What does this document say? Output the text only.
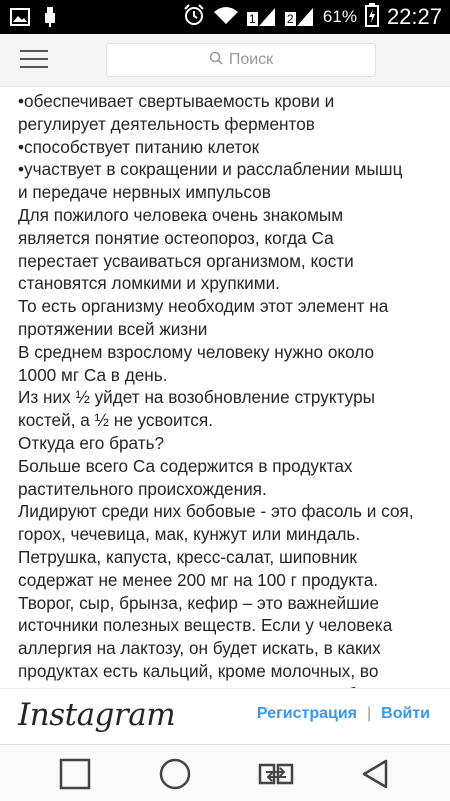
1	2 61% 22:27
Поиск
•обеспечивает свертываемость крови и
регулирует деятельность ферментов
•способствует питанию клеток
•участвует в сокращении и расслаблении мышц
и передаче нервных импульсов
Для пожилого человека очень знакомым
является понятие остеопороз, когда Са
перестает усваиваться организмом, кости
становятся ломкими и хрупкими.
То есть организму необходим этот элемент на
протяжении всей жизни
В среднем взрослому человеку нужно около
1000 мг Са в день.
Из них ½ уйдет на возобновление структуры
костей, а ½ не усвоится.
Откуда его брать?
Больше всего Са содержится в продуктах
растительного происхождения.
Лидируют среди них бобовые - это фасоль и соя,
горох, чечевица, мак, кунжут или миндаль.
Петрушка, капуста, кресс-салат, шиповник
содержат не менее 200 мг на 100 г продукта.
Творог, сыр, брынза, кефир – это важнейшие
источники полезных веществ. Если у человека
аллергия на лактозу, он будет искать, в каких
продуктах есть кальций, кроме молочных, во
Instagram	Регистрация | Войти
